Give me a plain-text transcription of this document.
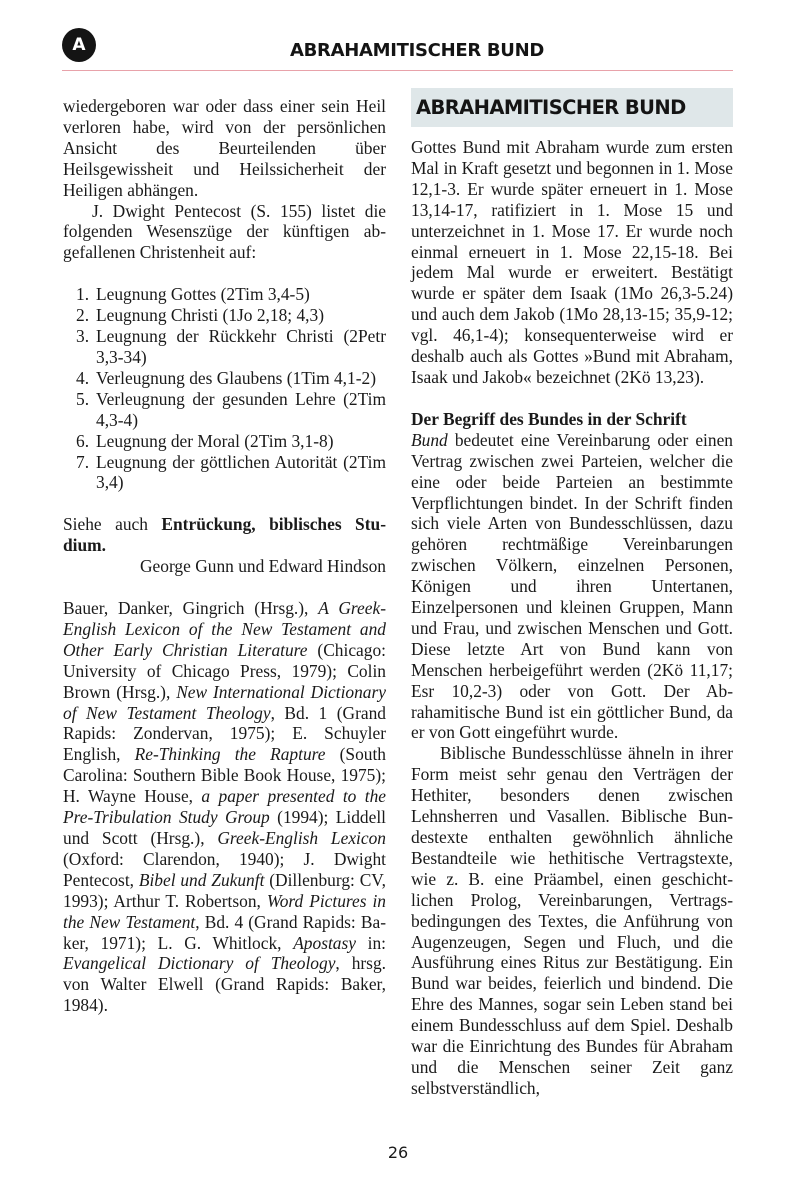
A	ABRAHAMITISCHER BUND

wiedergeboren war oder dass einer sein Heil verloren habe, wird von der persönlichen Ansicht des Beurteilenden über Heilsgewissheit und Heilssicherheit der Heiligen abhängen.

J. Dwight Pentecost (S. 155) listet die folgenden Wesenszüge der künftigen abgefallenen Christenheit auf:

1. Leugnung Gottes (2Tim 3,4-5)
2. Leugnung Christi (1Jo 2,18; 4,3)
3. Leugnung der Rückkehr Christi (2Petr 3,3-34)
4. Verleugnung des Glaubens (1Tim 4,1-2)
5. Verleugnung der gesunden Lehre (2Tim 4,3-4)
6. Leugnung der Moral (2Tim 3,1-8)
7. Leugnung der göttlichen Autorität (2Tim 3,4)

Siehe auch Entrückung, biblisches Studium.

George Gunn und Edward Hindson

Bauer, Danker, Gingrich (Hrsg.), A Greek-English Lexicon of the New Testament and Other Early Christian Literature (Chicago: University of Chicago Press, 1979); Colin Brown (Hrsg.), New International Dictionary of New Testament Theology, Bd. 1 (Grand Rapids: Zondervan, 1975); E. Schuyler English, Re-Thinking the Rapture (South Carolina: Southern Bible Book House, 1975); H. Wayne House, a paper presented to the Pre-Tribulation Study Group (1994); Liddell und Scott (Hrsg.), Greek-English Lexicon (Oxford: Clarendon, 1940); J. Dwight Pentecost, Bibel und Zukunft (Dillenburg: CV, 1993); Arthur T. Robertson, Word Pictures in the New Testament, Bd. 4 (Grand Rapids: Baker, 1971); L. G. Whitlock, Apostasy in: Evangelical Dictionary of Theology, hrsg. von Walter Elwell (Grand Rapids: Baker, 1984).

ABRAHAMITISCHER BUND

Gottes Bund mit Abraham wurde zum ersten Mal in Kraft gesetzt und begonnen in 1. Mose 12,1-3. Er wurde später erneuert in 1. Mose 13,14-17, ratifiziert in 1. Mose 15 und unterzeichnet in 1. Mose 17. Er wurde noch einmal erneuert in 1. Mose 22,15-18. Bei jedem Mal wurde er erweitert. Bestätigt wurde er später dem Isaak (1Mo 26,3-5.24) und auch dem Jakob (1Mo 28,13-15; 35,9-12; vgl. 46,1-4); konsequenterweise wird er deshalb auch als Gottes »Bund mit Abraham, Isaak und Jakob« bezeichnet (2Kö 13,23).

Der Begriff des Bundes in der Schrift

Bund bedeutet eine Vereinbarung oder einen Vertrag zwischen zwei Parteien, welcher die eine oder beide Parteien an bestimmte Verpflichtungen bindet. In der Schrift finden sich viele Arten von Bundesschlüssen, dazu gehören rechtmäßige Vereinbarungen zwischen Völkern, einzelnen Personen, Königen und ihren Untertanen, Einzelpersonen und kleinen Gruppen, Mann und Frau, und zwischen Menschen und Gott. Diese letzte Art von Bund kann von Menschen herbeigeführt werden (2Kö 11,17; Esr 10,2-3) oder von Gott. Der Abrahamitische Bund ist ein göttlicher Bund, da er von Gott eingeführt wurde.

Biblische Bundesschlüsse ähneln in ihrer Form meist sehr genau den Verträgen der Hethiter, besonders denen zwischen Lehnsherren und Vasallen. Biblische Bundestexte enthalten gewöhnlich ähnliche Bestandteile wie hethitische Vertragstexte, wie z. B. eine Präambel, einen geschichtlichen Prolog, Vereinbarungen, Vertragsbedingungen des Textes, die Anführung von Augenzeugen, Segen und Fluch, und die Ausführung eines Ritus zur Bestätigung. Ein Bund war beides, feierlich und bindend. Die Ehre des Mannes, sogar sein Leben stand bei einem Bundesschluss auf dem Spiel. Deshalb war die Einrichtung des Bundes für Abraham und die Menschen seiner Zeit ganz selbstverständlich,

26
